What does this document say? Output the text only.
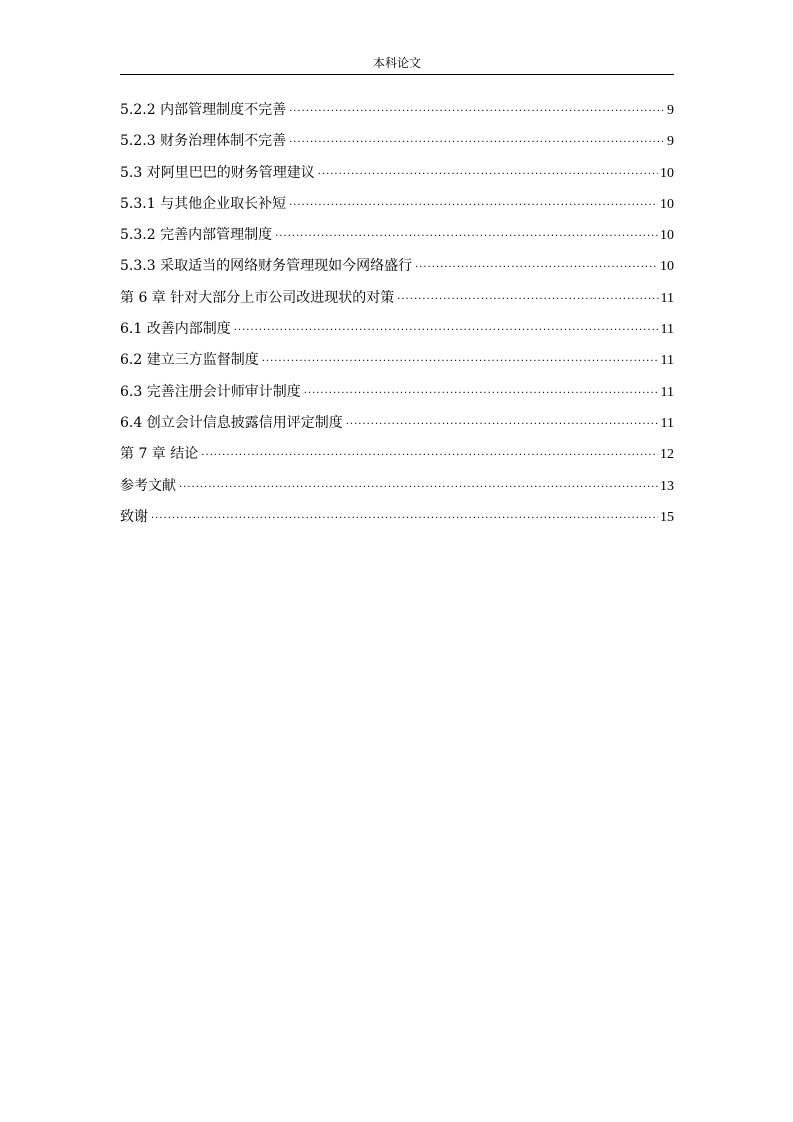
本科论文
5.2.2 内部管理制度不完善 ·····	9
5.2.3 财务治理体制不完善 ·····	9
5.3 对阿里巴巴的财务管理建议 ·····	10
5.3.1 与其他企业取长补短 ·····	10
5.3.2 完善内部管理制度 ·····	10
5.3.3 采取适当的网络财务管理现如今网络盛行 ·····	10
第 6 章 针对大部分上市公司改进现状的对策 ·····	11
6.1 改善内部制度 ·····	11
6.2 建立三方监督制度 ·····	11
6.3 完善注册会计师审计制度 ·····	11
6.4 创立会计信息披露信用评定制度 ·····	11
第 7 章 结论 ·····	12
参考文献 ·····	13
致谢 ·····	15
